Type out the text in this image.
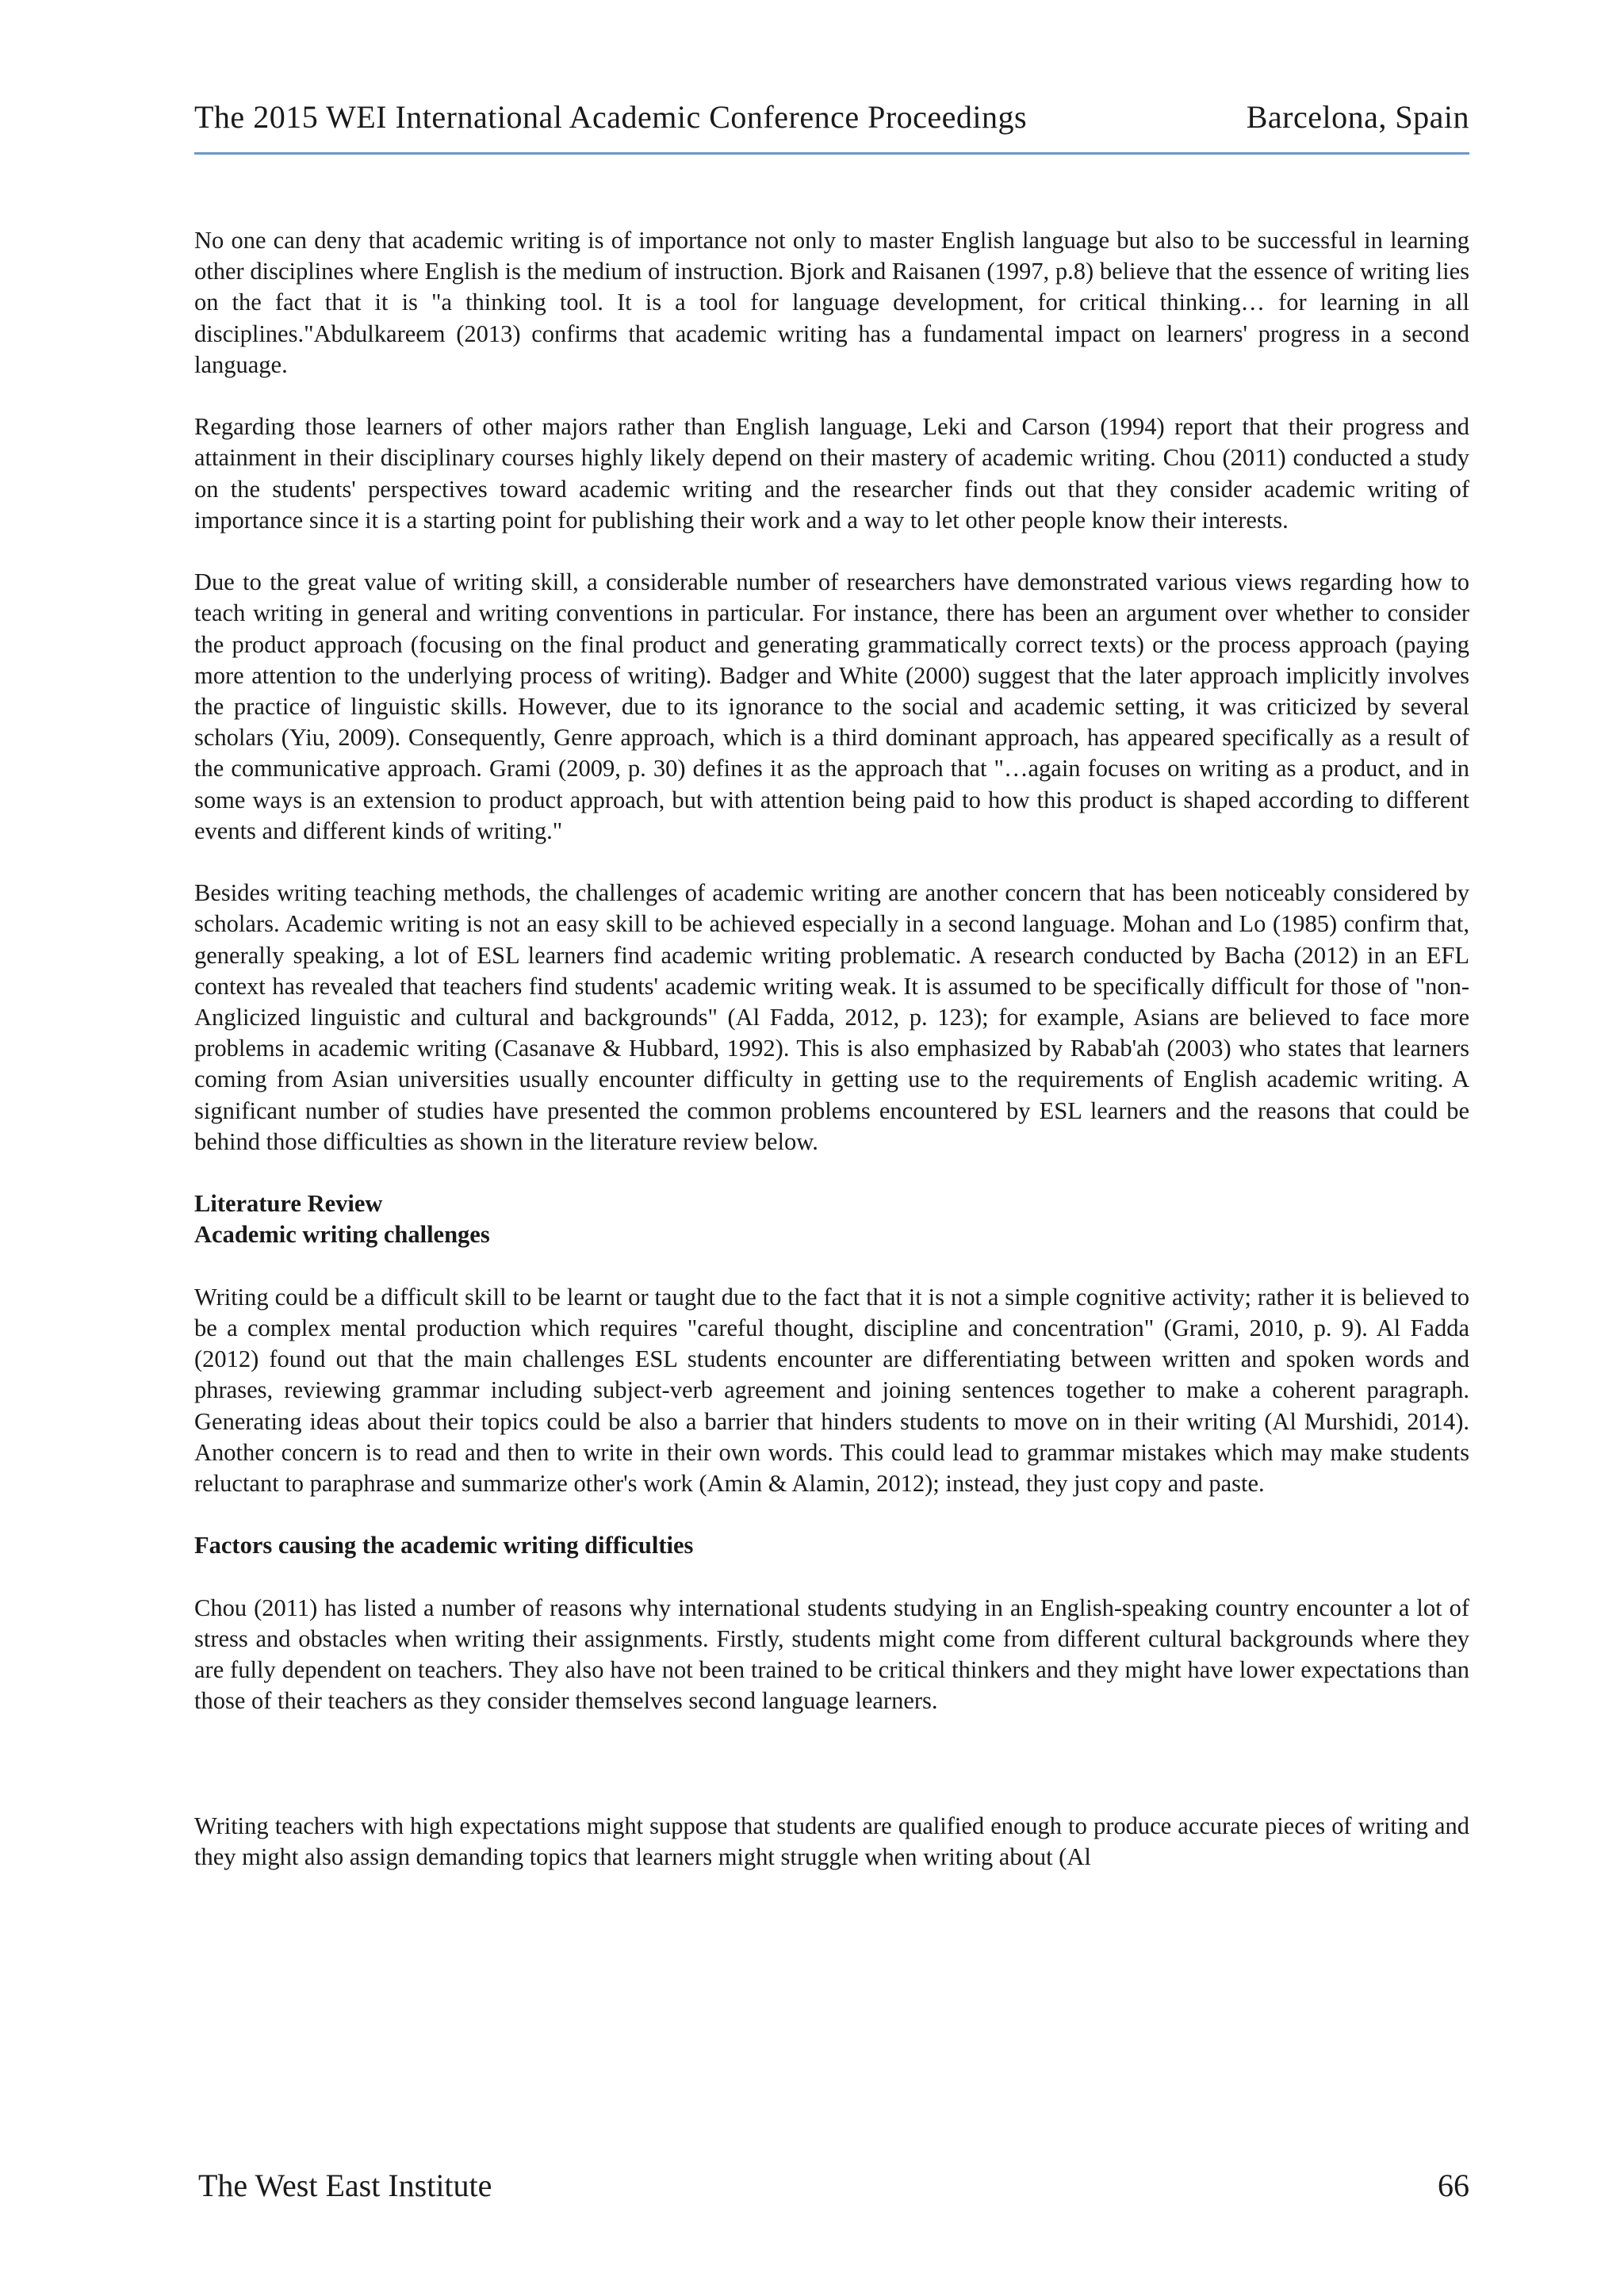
The 2015 WEI International Academic Conference Proceedings	Barcelona, Spain

No one can deny that academic writing is of importance not only to master English language but also to be successful in learning other disciplines where English is the medium of instruction. Bjork and Raisanen (1997, p.8) believe that the essence of writing lies on the fact that it is "a thinking tool. It is a tool for language development, for critical thinking… for learning in all disciplines."Abdulkareem (2013) confirms that academic writing has a fundamental impact on learners' progress in a second language.

Regarding those learners of other majors rather than English language, Leki and Carson (1994) report that their progress and attainment in their disciplinary courses highly likely depend on their mastery of academic writing. Chou (2011) conducted a study on the students' perspectives toward academic writing and the researcher finds out that they consider academic writing of importance since it is a starting point for publishing their work and a way to let other people know their interests.

Due to the great value of writing skill, a considerable number of researchers have demonstrated various views regarding how to teach writing in general and writing conventions in particular. For instance, there has been an argument over whether to consider the product approach (focusing on the final product and generating grammatically correct texts) or the process approach (paying more attention to the underlying process of writing). Badger and White (2000) suggest that the later approach implicitly involves the practice of linguistic skills. However, due to its ignorance to the social and academic setting, it was criticized by several scholars (Yiu, 2009). Consequently, Genre approach, which is a third dominant approach, has appeared specifically as a result of the communicative approach. Grami (2009, p. 30) defines it as the approach that "…again focuses on writing as a product, and in some ways is an extension to product approach, but with attention being paid to how this product is shaped according to different events and different kinds of writing."

Besides writing teaching methods, the challenges of academic writing are another concern that has been noticeably considered by scholars. Academic writing is not an easy skill to be achieved especially in a second language. Mohan and Lo (1985) confirm that, generally speaking, a lot of ESL learners find academic writing problematic. A research conducted by Bacha (2012) in an EFL context has revealed that teachers find students' academic writing weak. It is assumed to be specifically difficult for those of "non-Anglicized linguistic and cultural and backgrounds" (Al Fadda, 2012, p. 123); for example, Asians are believed to face more problems in academic writing (Casanave & Hubbard, 1992). This is also emphasized by Rabab'ah (2003) who states that learners coming from Asian universities usually encounter difficulty in getting use to the requirements of English academic writing. A significant number of studies have presented the common problems encountered by ESL learners and the reasons that could be behind those difficulties as shown in the literature review below.

Literature Review
Academic writing challenges

Writing could be a difficult skill to be learnt or taught due to the fact that it is not a simple cognitive activity; rather it is believed to be a complex mental production which requires "careful thought, discipline and concentration" (Grami, 2010, p. 9). Al Fadda (2012) found out that the main challenges ESL students encounter are differentiating between written and spoken words and phrases, reviewing grammar including subject-verb agreement and joining sentences together to make a coherent paragraph. Generating ideas about their topics could be also a barrier that hinders students to move on in their writing (Al Murshidi, 2014). Another concern is to read and then to write in their own words. This could lead to grammar mistakes which may make students reluctant to paraphrase and summarize other's work (Amin & Alamin, 2012); instead, they just copy and paste.

Factors causing the academic writing difficulties

Chou (2011) has listed a number of reasons why international students studying in an English-speaking country encounter a lot of stress and obstacles when writing their assignments. Firstly, students might come from different cultural backgrounds where they are fully dependent on teachers. They also have not been trained to be critical thinkers and they might have lower expectations than those of their teachers as they consider themselves second language learners.

Writing teachers with high expectations might suppose that students are qualified enough to produce accurate pieces of writing and they might also assign demanding topics that learners might struggle when writing about (Al

The West East Institute	66
